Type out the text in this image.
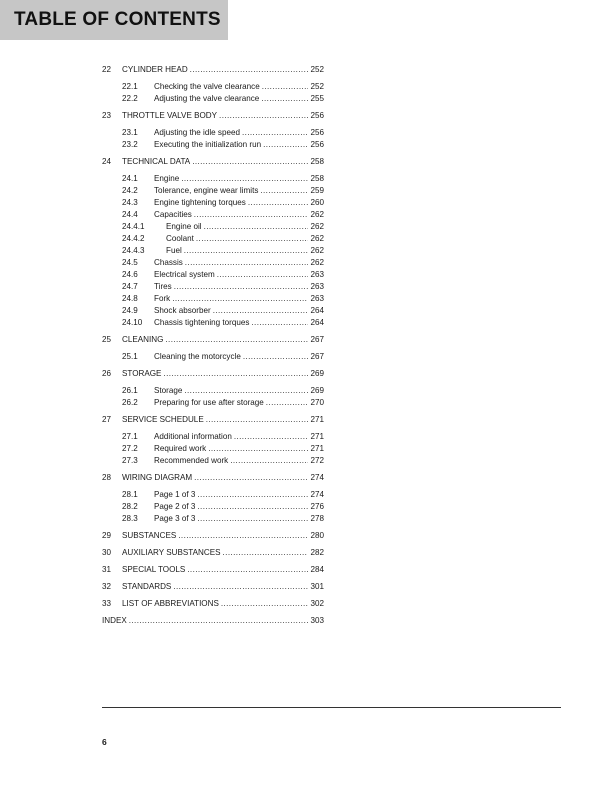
TABLE OF CONTENTS
22	CYLINDER HEAD .....	252
22.1	Checking the valve clearance .....	252
22.2	Adjusting the valve clearance .....	255
23	THROTTLE VALVE BODY .....	256
23.1	Adjusting the idle speed .....	256
23.2	Executing the initialization run .....	256
24	TECHNICAL DATA .....	258
24.1	Engine .....	258
24.2	Tolerance, engine wear limits .....	259
24.3	Engine tightening torques .....	260
24.4	Capacities .....	262
24.4.1	Engine oil .....	262
24.4.2	Coolant .....	262
24.4.3	Fuel .....	262
24.5	Chassis .....	262
24.6	Electrical system .....	263
24.7	Tires .....	263
24.8	Fork .....	263
24.9	Shock absorber .....	264
24.10	Chassis tightening torques .....	264
25	CLEANING .....	267
25.1	Cleaning the motorcycle .....	267
26	STORAGE .....	269
26.1	Storage .....	269
26.2	Preparing for use after storage .....	270
27	SERVICE SCHEDULE .....	271
27.1	Additional information .....	271
27.2	Required work .....	271
27.3	Recommended work .....	272
28	WIRING DIAGRAM .....	274
28.1	Page 1 of 3 .....	274
28.2	Page 2 of 3 .....	276
28.3	Page 3 of 3 .....	278
29	SUBSTANCES .....	280
30	AUXILIARY SUBSTANCES .....	282
31	SPECIAL TOOLS .....	284
32	STANDARDS .....	301
33	LIST OF ABBREVIATIONS .....	302
INDEX .....	303
6
